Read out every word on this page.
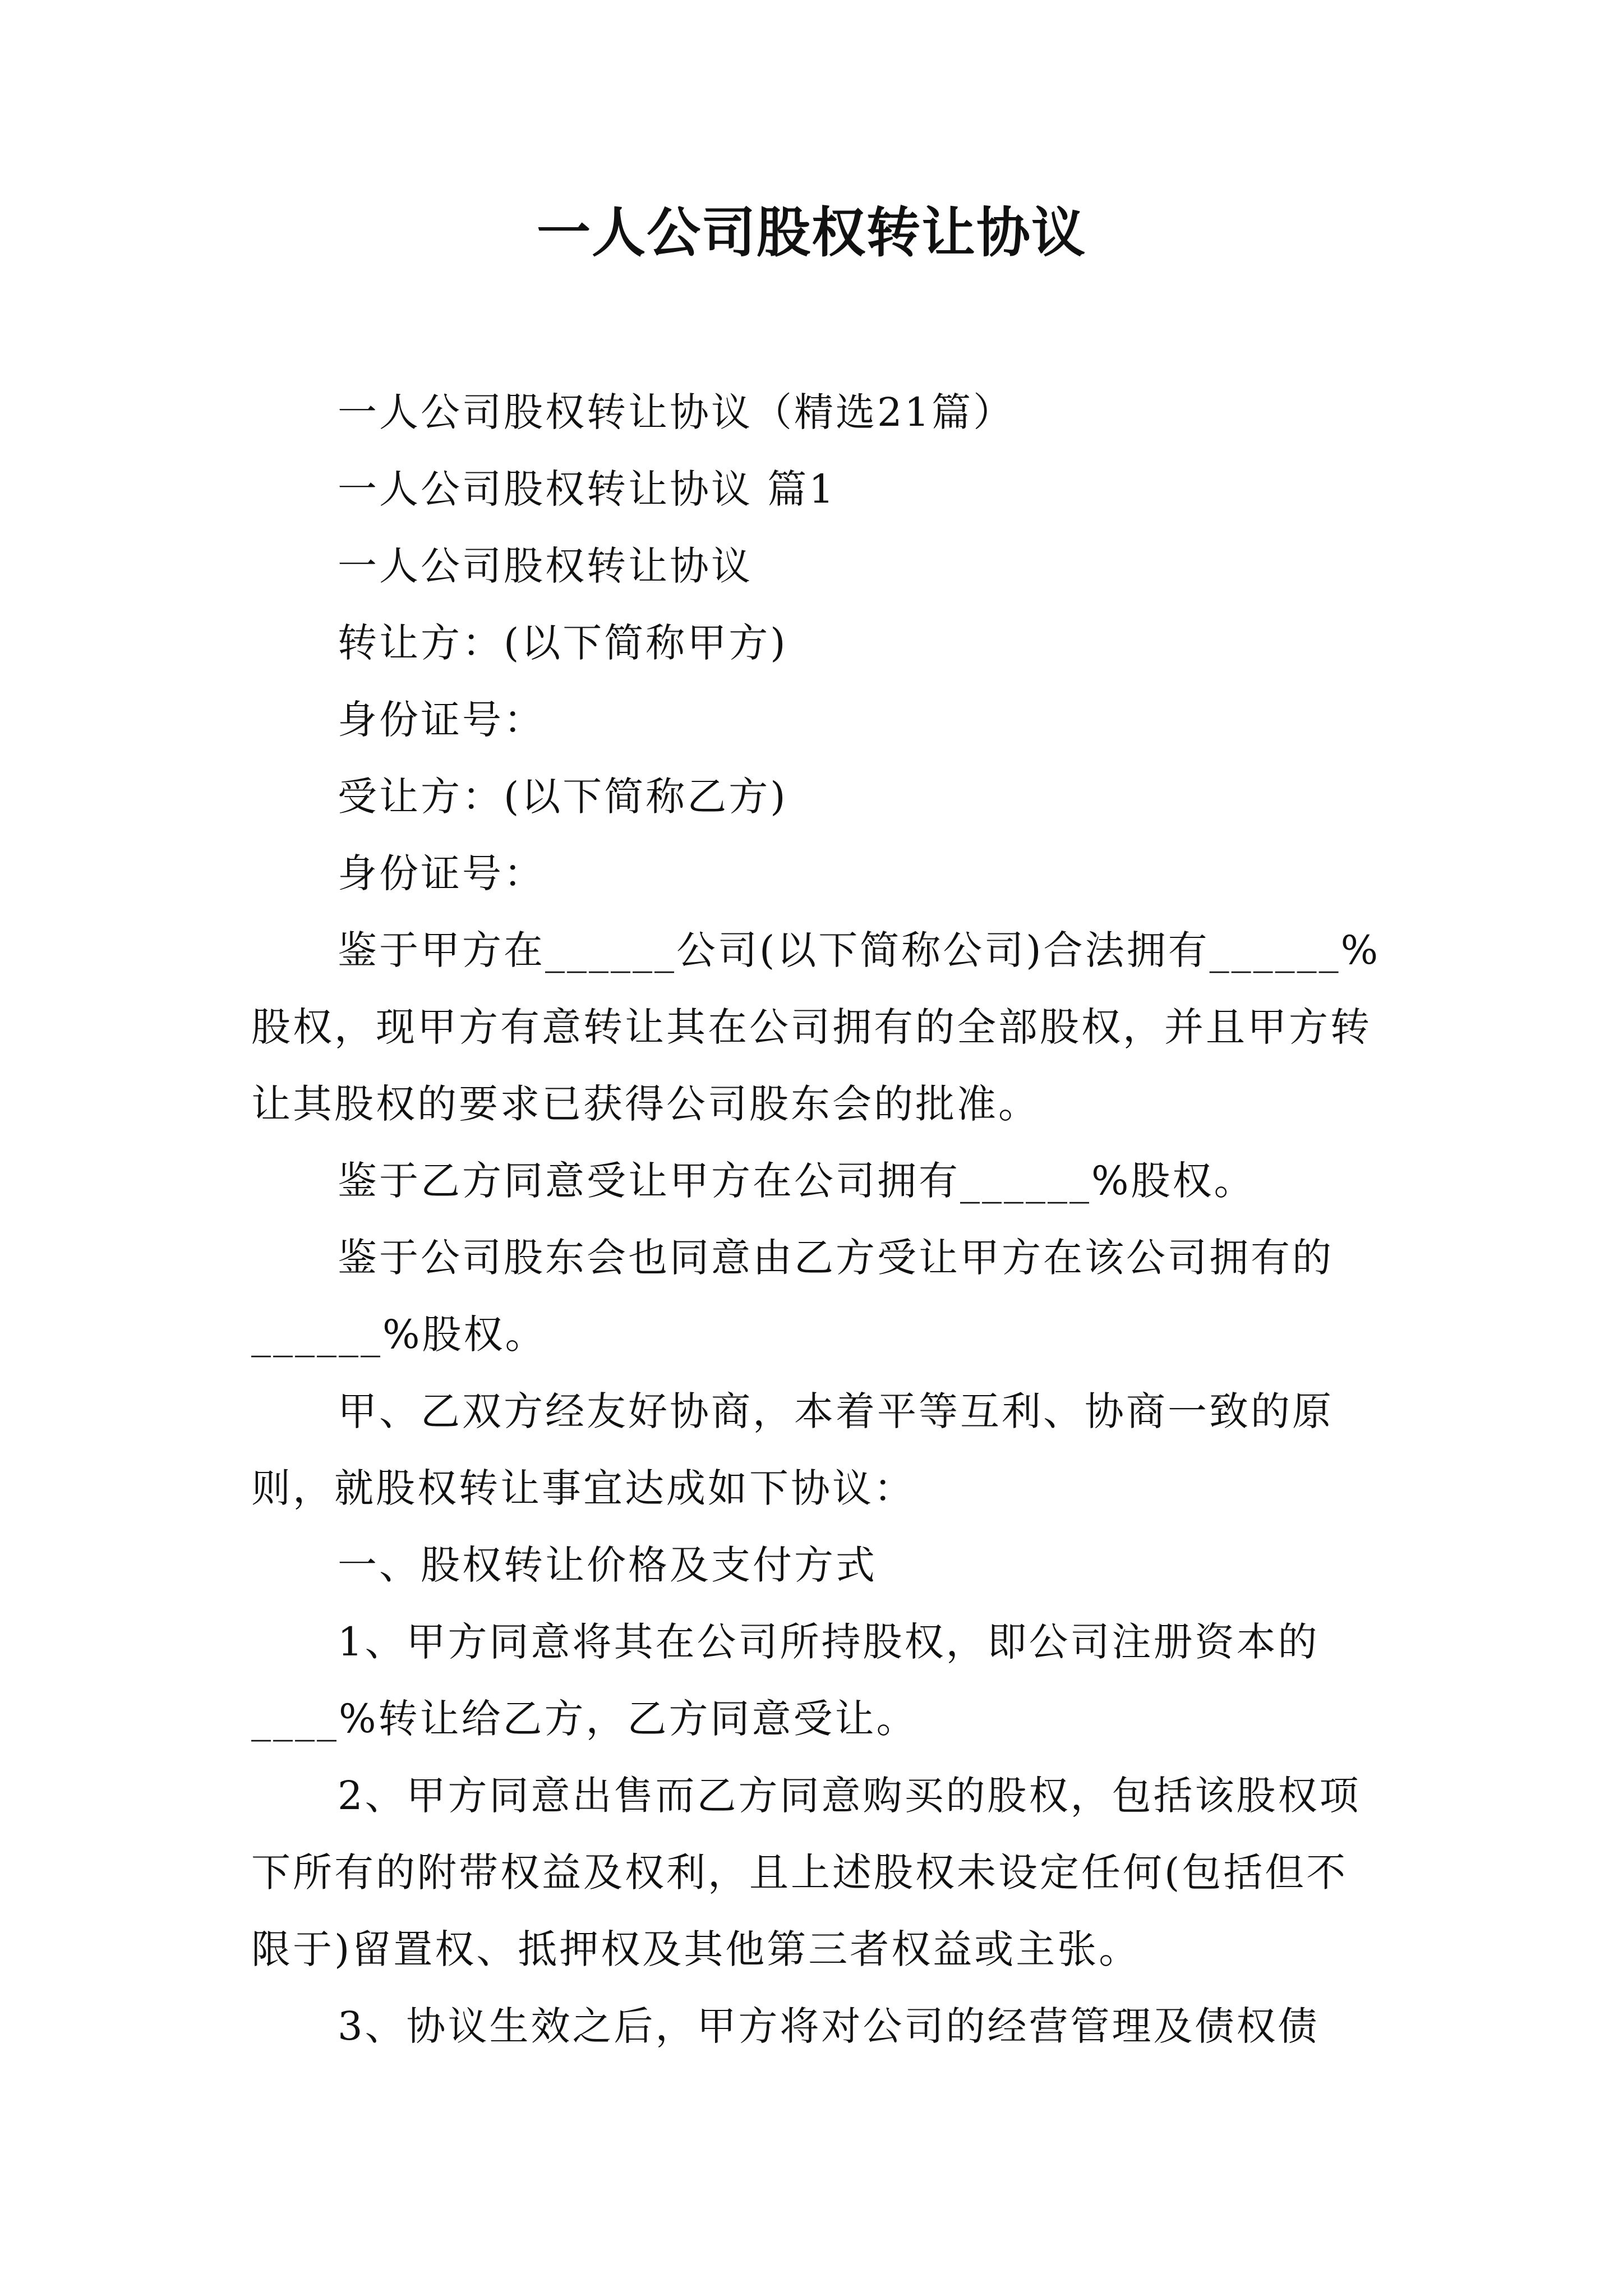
一人公司股权转让协议

一人公司股权转让协议（精选21篇）

一人公司股权转让协议 篇1

一人公司股权转让协议

转让方：(以下简称甲方)

身份证号：

受让方：(以下简称乙方)

身份证号：

鉴于甲方在______公司(以下简称公司)合法拥有______%股权，现甲方有意转让其在公司拥有的全部股权，并且甲方转让其股权的要求已获得公司股东会的批准。

鉴于乙方同意受让甲方在公司拥有______%股权。

鉴于公司股东会也同意由乙方受让甲方在该公司拥有的______%股权。

甲、乙双方经友好协商，本着平等互利、协商一致的原则，就股权转让事宜达成如下协议：

一、股权转让价格及支付方式

1、甲方同意将其在公司所持股权，即公司注册资本的____%转让给乙方，乙方同意受让。

2、甲方同意出售而乙方同意购买的股权，包括该股权项下所有的附带权益及权利，且上述股权未设定任何(包括但不限于)留置权、抵押权及其他第三者权益或主张。

3、协议生效之后，甲方将对公司的经营管理及债权债
